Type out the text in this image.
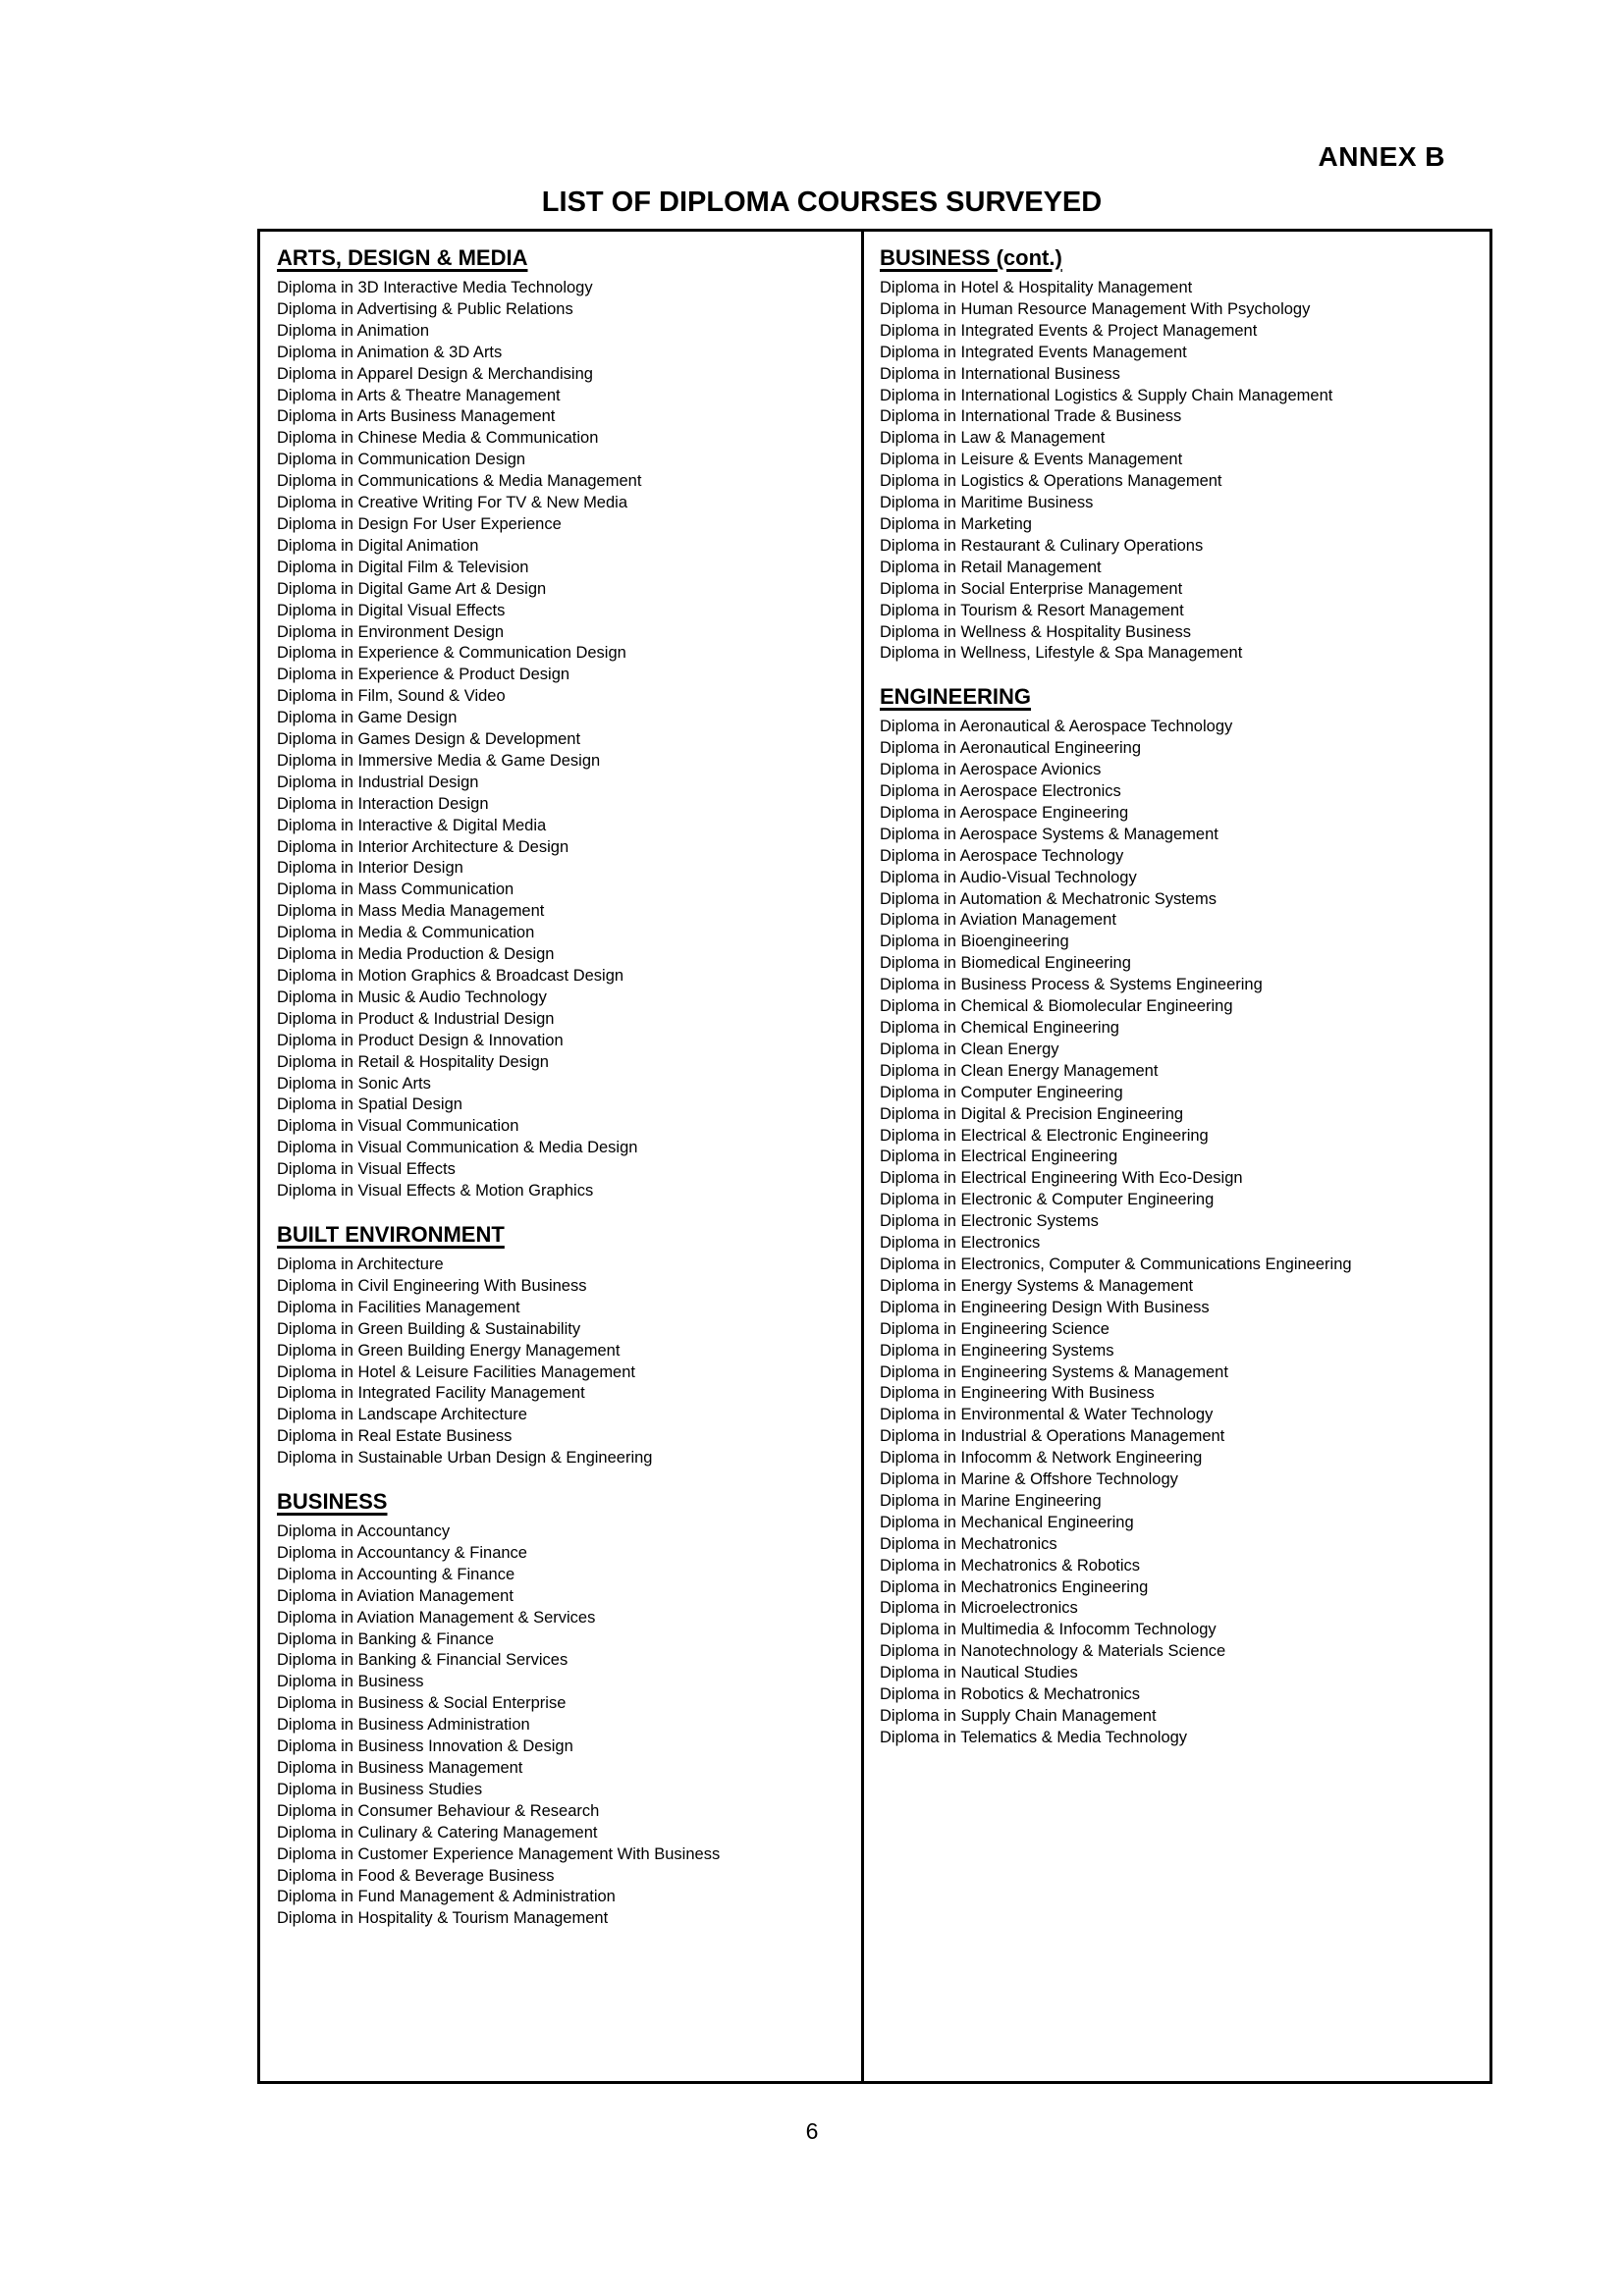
ANNEX B
LIST OF DIPLOMA COURSES SURVEYED
ARTS, DESIGN & MEDIA
Diploma in 3D Interactive Media Technology
Diploma in Advertising & Public Relations
Diploma in Animation
Diploma in Animation & 3D Arts
Diploma in Apparel Design & Merchandising
Diploma in Arts & Theatre Management
Diploma in Arts Business Management
Diploma in Chinese Media & Communication
Diploma in Communication Design
Diploma in Communications & Media Management
Diploma in Creative Writing For TV & New Media
Diploma in Design For User Experience
Diploma in Digital Animation
Diploma in Digital Film & Television
Diploma in Digital Game Art & Design
Diploma in Digital Visual Effects
Diploma in Environment Design
Diploma in Experience & Communication Design
Diploma in Experience & Product Design
Diploma in Film, Sound & Video
Diploma in Game Design
Diploma in Games Design & Development
Diploma in Immersive Media & Game Design
Diploma in Industrial Design
Diploma in Interaction Design
Diploma in Interactive & Digital Media
Diploma in Interior Architecture & Design
Diploma in Interior Design
Diploma in Mass Communication
Diploma in Mass Media Management
Diploma in Media & Communication
Diploma in Media Production & Design
Diploma in Motion Graphics & Broadcast Design
Diploma in Music & Audio Technology
Diploma in Product & Industrial Design
Diploma in Product Design & Innovation
Diploma in Retail & Hospitality Design
Diploma in Sonic Arts
Diploma in Spatial Design
Diploma in Visual Communication
Diploma in Visual Communication & Media Design
Diploma in Visual Effects
Diploma in Visual Effects & Motion Graphics
BUILT ENVIRONMENT
Diploma in Architecture
Diploma in Civil Engineering With Business
Diploma in Facilities Management
Diploma in Green Building & Sustainability
Diploma in Green Building Energy Management
Diploma in Hotel & Leisure Facilities Management
Diploma in Integrated Facility Management
Diploma in Landscape Architecture
Diploma in Real Estate Business
Diploma in Sustainable Urban Design & Engineering
BUSINESS
Diploma in Accountancy
Diploma in Accountancy & Finance
Diploma in Accounting & Finance
Diploma in Aviation Management
Diploma in Aviation Management & Services
Diploma in Banking & Finance
Diploma in Banking & Financial Services
Diploma in Business
Diploma in Business & Social Enterprise
Diploma in Business Administration
Diploma in Business Innovation & Design
Diploma in Business Management
Diploma in Business Studies
Diploma in Consumer Behaviour & Research
Diploma in Culinary & Catering Management
Diploma in Customer Experience Management With Business
Diploma in Food & Beverage Business
Diploma in Fund Management & Administration
Diploma in Hospitality & Tourism Management
BUSINESS (cont.)
Diploma in Hotel & Hospitality Management
Diploma in Human Resource Management With Psychology
Diploma in Integrated Events & Project Management
Diploma in Integrated Events Management
Diploma in International Business
Diploma in International Logistics & Supply Chain Management
Diploma in International Trade & Business
Diploma in Law & Management
Diploma in Leisure & Events Management
Diploma in Logistics & Operations Management
Diploma in Maritime Business
Diploma in Marketing
Diploma in Restaurant & Culinary Operations
Diploma in Retail Management
Diploma in Social Enterprise Management
Diploma in Tourism & Resort Management
Diploma in Wellness & Hospitality Business
Diploma in Wellness, Lifestyle & Spa Management
ENGINEERING
Diploma in Aeronautical & Aerospace Technology
Diploma in Aeronautical Engineering
Diploma in Aerospace Avionics
Diploma in Aerospace Electronics
Diploma in Aerospace Engineering
Diploma in Aerospace Systems & Management
Diploma in Aerospace Technology
Diploma in Audio-Visual Technology
Diploma in Automation & Mechatronic Systems
Diploma in Aviation Management
Diploma in Bioengineering
Diploma in Biomedical Engineering
Diploma in Business Process & Systems Engineering
Diploma in Chemical & Biomolecular Engineering
Diploma in Chemical Engineering
Diploma in Clean Energy
Diploma in Clean Energy Management
Diploma in Computer Engineering
Diploma in Digital & Precision Engineering
Diploma in Electrical & Electronic Engineering
Diploma in Electrical Engineering
Diploma in Electrical Engineering With Eco-Design
Diploma in Electronic & Computer Engineering
Diploma in Electronic Systems
Diploma in Electronics
Diploma in Electronics, Computer & Communications Engineering
Diploma in Energy Systems & Management
Diploma in Engineering Design With Business
Diploma in Engineering Science
Diploma in Engineering Systems
Diploma in Engineering Systems & Management
Diploma in Engineering With Business
Diploma in Environmental & Water Technology
Diploma in Industrial & Operations Management
Diploma in Infocomm & Network Engineering
Diploma in Marine & Offshore Technology
Diploma in Marine Engineering
Diploma in Mechanical Engineering
Diploma in Mechatronics
Diploma in Mechatronics & Robotics
Diploma in Mechatronics Engineering
Diploma in Microelectronics
Diploma in Multimedia & Infocomm Technology
Diploma in Nanotechnology & Materials Science
Diploma in Nautical Studies
Diploma in Robotics & Mechatronics
Diploma in Supply Chain Management
Diploma in Telematics & Media Technology
6
